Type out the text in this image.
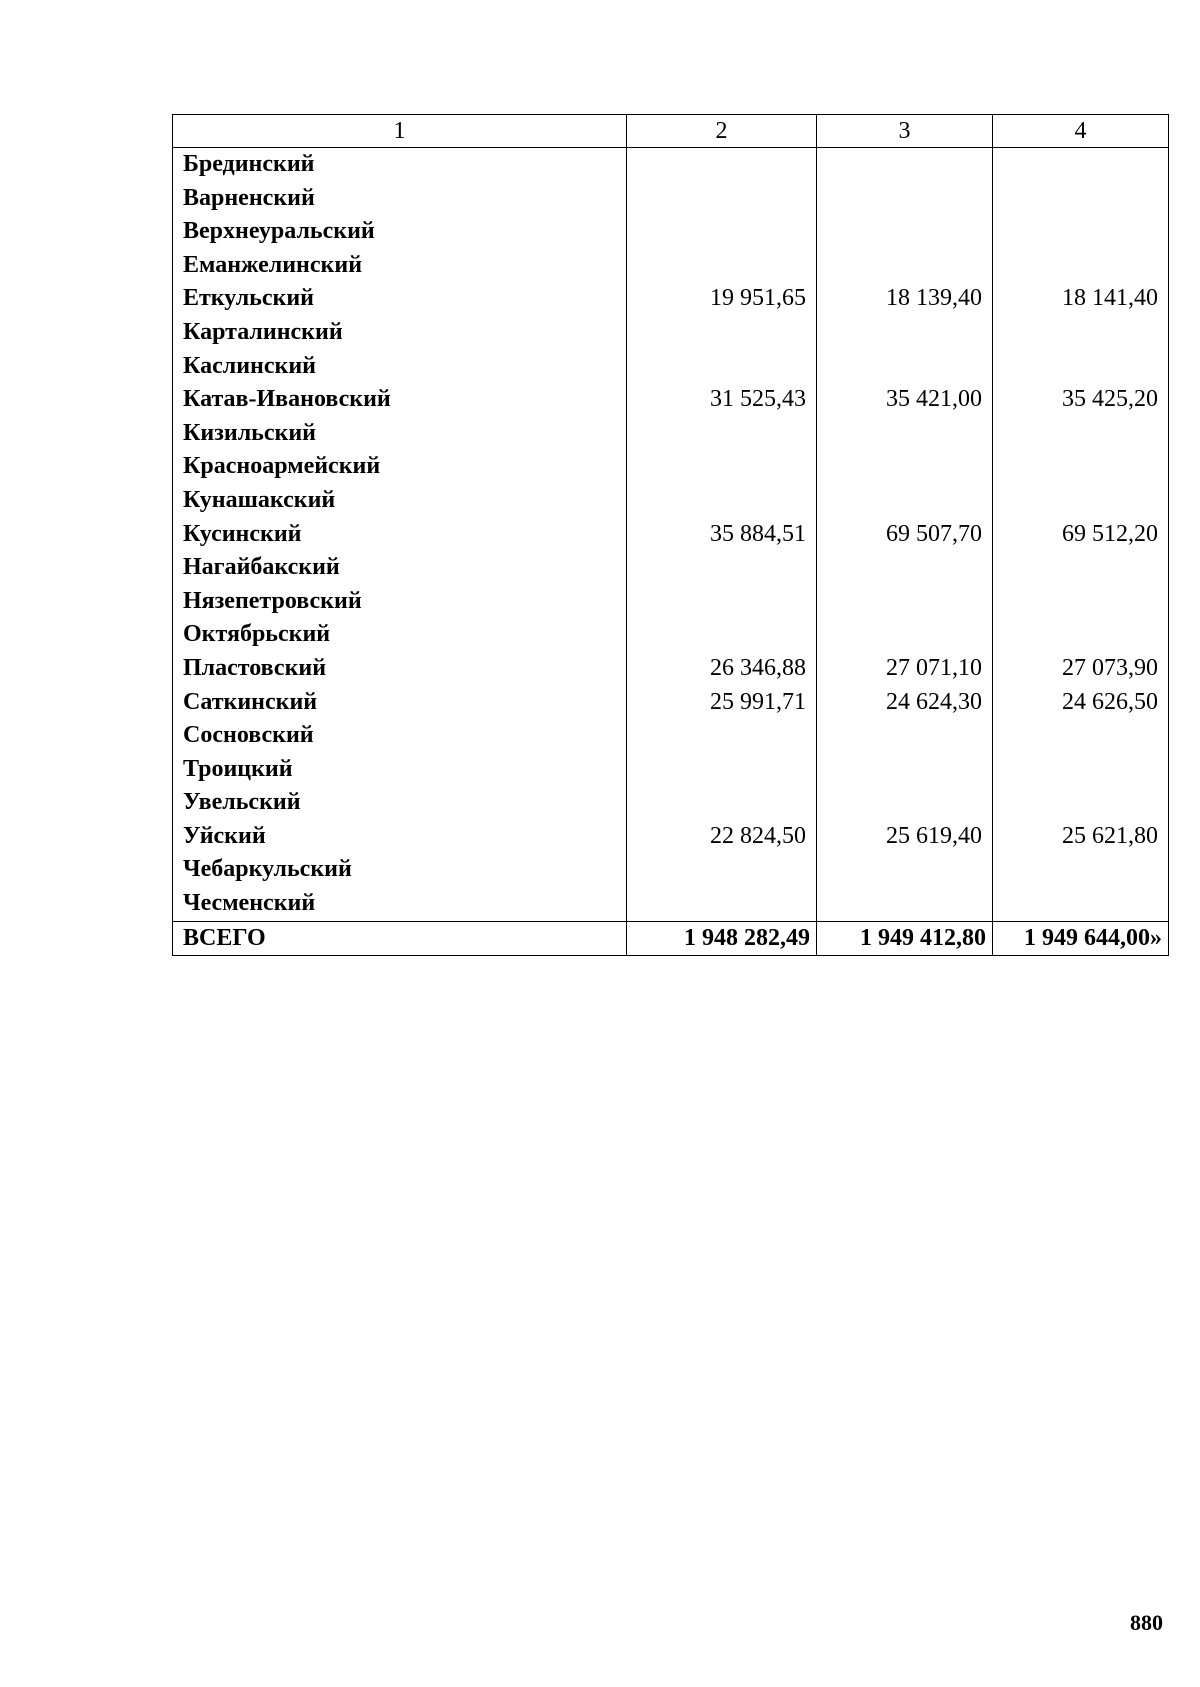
1	2	3	4
Брединский			
Варненский			
Верхнеуральский			
Еманжелинский			
Еткульский	19 951,65	18 139,40	18 141,40
Карталинский			
Каслинский			
Катав-Ивановский	31 525,43	35 421,00	35 425,20
Кизильский			
Красноармейский			
Кунашакский			
Кусинский	35 884,51	69 507,70	69 512,20
Нагайбакский			
Нязепетровский			
Октябрьский			
Пластовский	26 346,88	27 071,10	27 073,90
Саткинский	25 991,71	24 624,30	24 626,50
Сосновский			
Троицкий			
Увельский			
Уйский	22 824,50	25 619,40	25 621,80
Чебаркульский			
Чесменский			
ВСЕГО	1 948 282,49	1 949 412,80	1 949 644,00»
880
